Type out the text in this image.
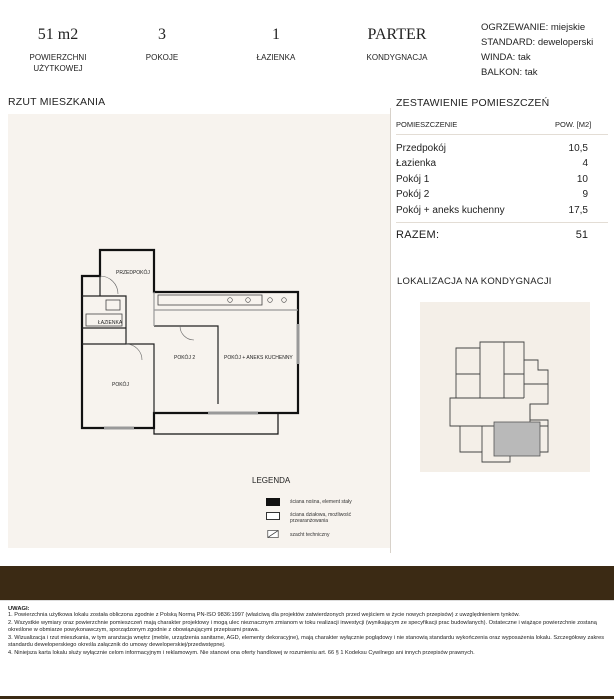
51 m2
POWIERZCHNI UŻYTKOWEJ
3
POKOJE
1
ŁAZIENKA
PARTER
KONDYGNACJA
OGRZEWANIE: miejskie
STANDARD: deweloperski
WINDA: tak
BALKON: tak
RZUT MIESZKANIA
PRZEDPOKÓJ
ŁAZIENKA
POKÓJ
POKÓJ 2	POKÓJ + ANEKS KUCHENNY
ZESTAWIENIE POMIESZCZEŃ
POMIESZCZENIE	POW. [M2]
Przedpokój	10,5
Łazienka	4
Pokój 1	10
Pokój 2	9
Pokój + aneks kuchenny	17,5
RAZEM:	51
LOKALIZACJA NA KONDYGNACJI
LEGENDA
ściana nośna, element stały
ściana działowa, możliwość przearanżowania
szacht techniczny
UWAGI:

1. Powierzchnia użytkowa lokalu została obliczona zgodnie z Polską Normą PN-ISO 9836:1997 (właściwą dla projektów zatwierdzonych przed wejściem w życie nowych przepisów) z uwzględnieniem tynków.

2. Wszystkie wymiary oraz powierzchnie pomieszczeń mają charakter projektowy i mogą ulec nieznacznym zmianom w toku realizacji inwestycji (wynikającym ze specyfikacji prac budowlanych). Ostateczne i wiążące powierzchnie zostaną określone w obmiarze powykonawczym, sporządzonym zgodnie z obowiązującymi przepisami prawa.

3. Wizualizacja i rzut mieszkania, w tym aranżacja wnętrz (meble, urządzenia sanitarne, AGD, elementy dekoracyjne), mają charakter wyłącznie poglądowy i nie stanowią standardu wykończenia oraz wyposażenia lokalu. Szczegółowy zakres standardu deweloperskiego określa załącznik do umowy deweloperskiej/przedwstępnej.

4. Niniejsza karta lokalu służy wyłącznie celom informacyjnym i reklamowym. Nie stanowi ona oferty handlowej w rozumieniu art. 66 § 1 Kodeksu Cywilnego ani innych przepisów prawnych.
